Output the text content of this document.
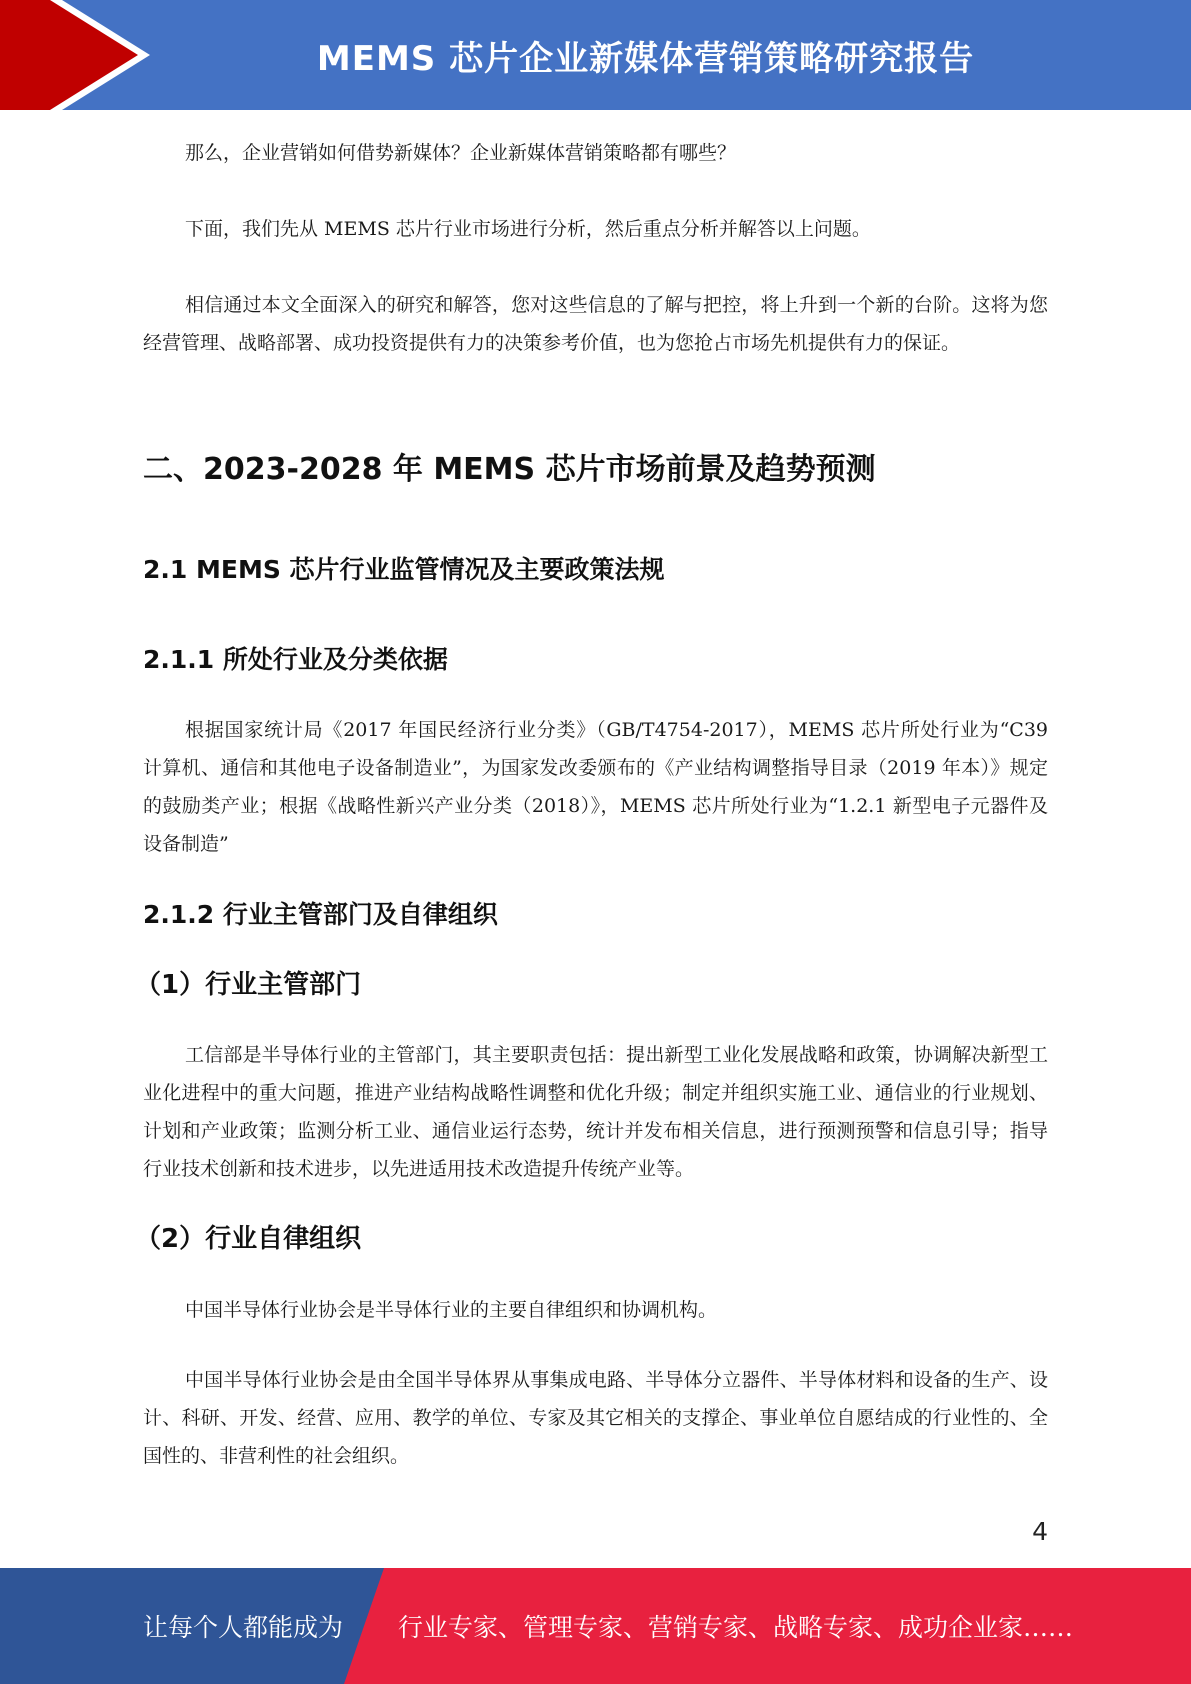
MEMS 芯片企业新媒体营销策略研究报告

那么，企业营销如何借势新媒体？企业新媒体营销策略都有哪些？

下面，我们先从 MEMS 芯片行业市场进行分析，然后重点分析并解答以上问题。

相信通过本文全面深入的研究和解答，您对这些信息的了解与把控，将上升到一个新的台阶。这将为您经营管理、战略部署、成功投资提供有力的决策参考价值，也为您抢占市场先机提供有力的保证。

二、2023-2028 年 MEMS 芯片市场前景及趋势预测
2.1 MEMS 芯片行业监管情况及主要政策法规
2.1.1 所处行业及分类依据

根据国家统计局《2017 年国民经济行业分类》（GB/T4754-2017），MEMS 芯片所处行业为“C39 计算机、通信和其他电子设备制造业”，为国家发改委颁布的《产业结构调整指导目录（2019 年本）》规定的鼓励类产业；根据《战略性新兴产业分类（2018）》，MEMS 芯片所处行业为“1.2.1 新型电子元器件及设备制造”

2.1.2 行业主管部门及自律组织
（1）行业主管部门

工信部是半导体行业的主管部门，其主要职责包括：提出新型工业化发展战略和政策，协调解决新型工业化进程中的重大问题，推进产业结构战略性调整和优化升级；制定并组织实施工业、通信业的行业规划、计划和产业政策；监测分析工业、通信业运行态势，统计并发布相关信息，进行预测预警和信息引导；指导行业技术创新和技术进步，以先进适用技术改造提升传统产业等。

（2）行业自律组织

中国半导体行业协会是半导体行业的主要自律组织和协调机构。

中国半导体行业协会是由全国半导体界从事集成电路、半导体分立器件、半导体材料和设备的生产、设计、科研、开发、经营、应用、教学的单位、专家及其它相关的支撑企、事业单位自愿结成的行业性的、全国性的、非营利性的社会组织。

4
让每个人都能成为 行业专家、管理专家、营销专家、战略专家、成功企业家……
